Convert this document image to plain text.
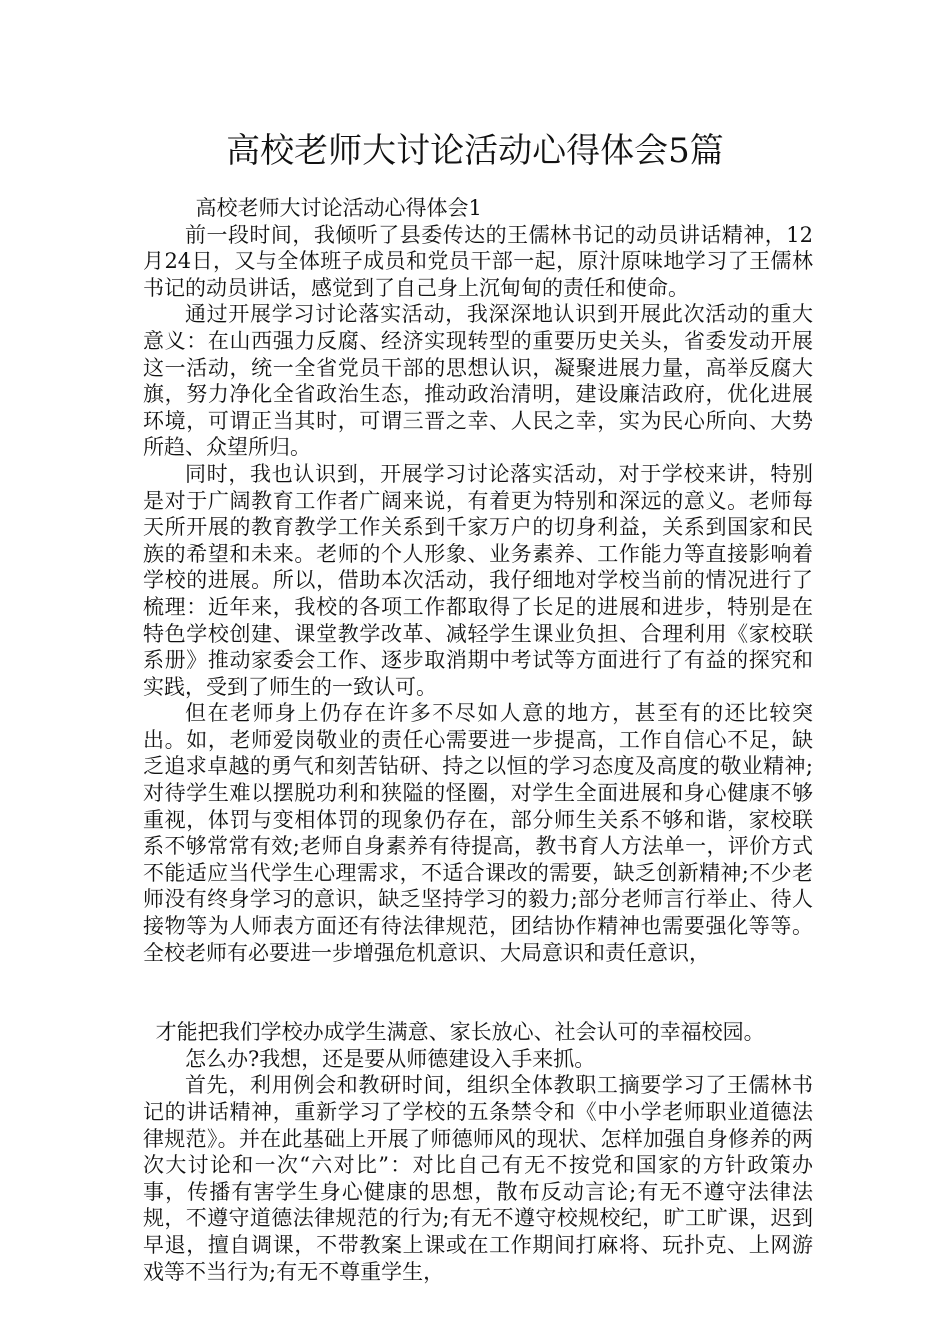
高校老师大讨论活动心得体会5篇

高校老师大讨论活动心得体会1

前一段时间，我倾听了县委传达的王儒林书记的动员讲话精神，12月24日，又与全体班子成员和党员干部一起，原汁原味地学习了王儒林书记的动员讲话，感觉到了自己身上沉甸甸的责任和使命。

通过开展学习讨论落实活动，我深深地认识到开展此次活动的重大意义：在山西强力反腐、经济实现转型的重要历史关头，省委发动开展这一活动，统一全省党员干部的思想认识，凝聚进展力量，高举反腐大旗，努力净化全省政治生态，推动政治清明，建设廉洁政府，优化进展环境，可谓正当其时，可谓三晋之幸、人民之幸，实为民心所向、大势所趋、众望所归。

同时，我也认识到，开展学习讨论落实活动，对于学校来讲，特别是对于广阔教育工作者广阔来说，有着更为特别和深远的意义。老师每天所开展的教育教学工作关系到千家万户的切身利益，关系到国家和民族的希望和未来。老师的个人形象、业务素养、工作能力等直接影响着学校的进展。所以，借助本次活动，我仔细地对学校当前的情况进行了梳理：近年来，我校的各项工作都取得了长足的进展和进步，特别是在特色学校创建、课堂教学改革、减轻学生课业负担、合理利用《家校联系册》推动家委会工作、逐步取消期中考试等方面进行了有益的探究和实践，受到了师生的一致认可。

但在老师身上仍存在许多不尽如人意的地方，甚至有的还比较突出。如，老师爱岗敬业的责任心需要进一步提高，工作自信心不足，缺乏追求卓越的勇气和刻苦钻研、持之以恒的学习态度及高度的敬业精神;对待学生难以摆脱功利和狭隘的怪圈，对学生全面进展和身心健康不够重视，体罚与变相体罚的现象仍存在，部分师生关系不够和谐，家校联系不够常常有效;老师自身素养有待提高，教书育人方法单一，评价方式不能适应当代学生心理需求，不适合课改的需要，缺乏创新精神;不少老师没有终身学习的意识，缺乏坚持学习的毅力;部分老师言行举止、待人接物等为人师表方面还有待法律规范，团结协作精神也需要强化等等。全校老师有必要进一步增强危机意识、大局意识和责任意识，

才能把我们学校办成学生满意、家长放心、社会认可的幸福校园。

怎么办?我想，还是要从师德建设入手来抓。

首先，利用例会和教研时间，组织全体教职工摘要学习了王儒林书记的讲话精神，重新学习了学校的五条禁令和《中小学老师职业道德法律规范》。并在此基础上开展了师德师风的现状、怎样加强自身修养的两次大讨论和一次“六对比”：对比自己有无不按党和国家的方针政策办事，传播有害学生身心健康的思想，散布反动言论;有无不遵守法律法规，不遵守道德法律规范的行为;有无不遵守校规校纪，旷工旷课，迟到早退，擅自调课，不带教案上课或在工作期间打麻将、玩扑克、上网游戏等不当行为;有无不尊重学生，
